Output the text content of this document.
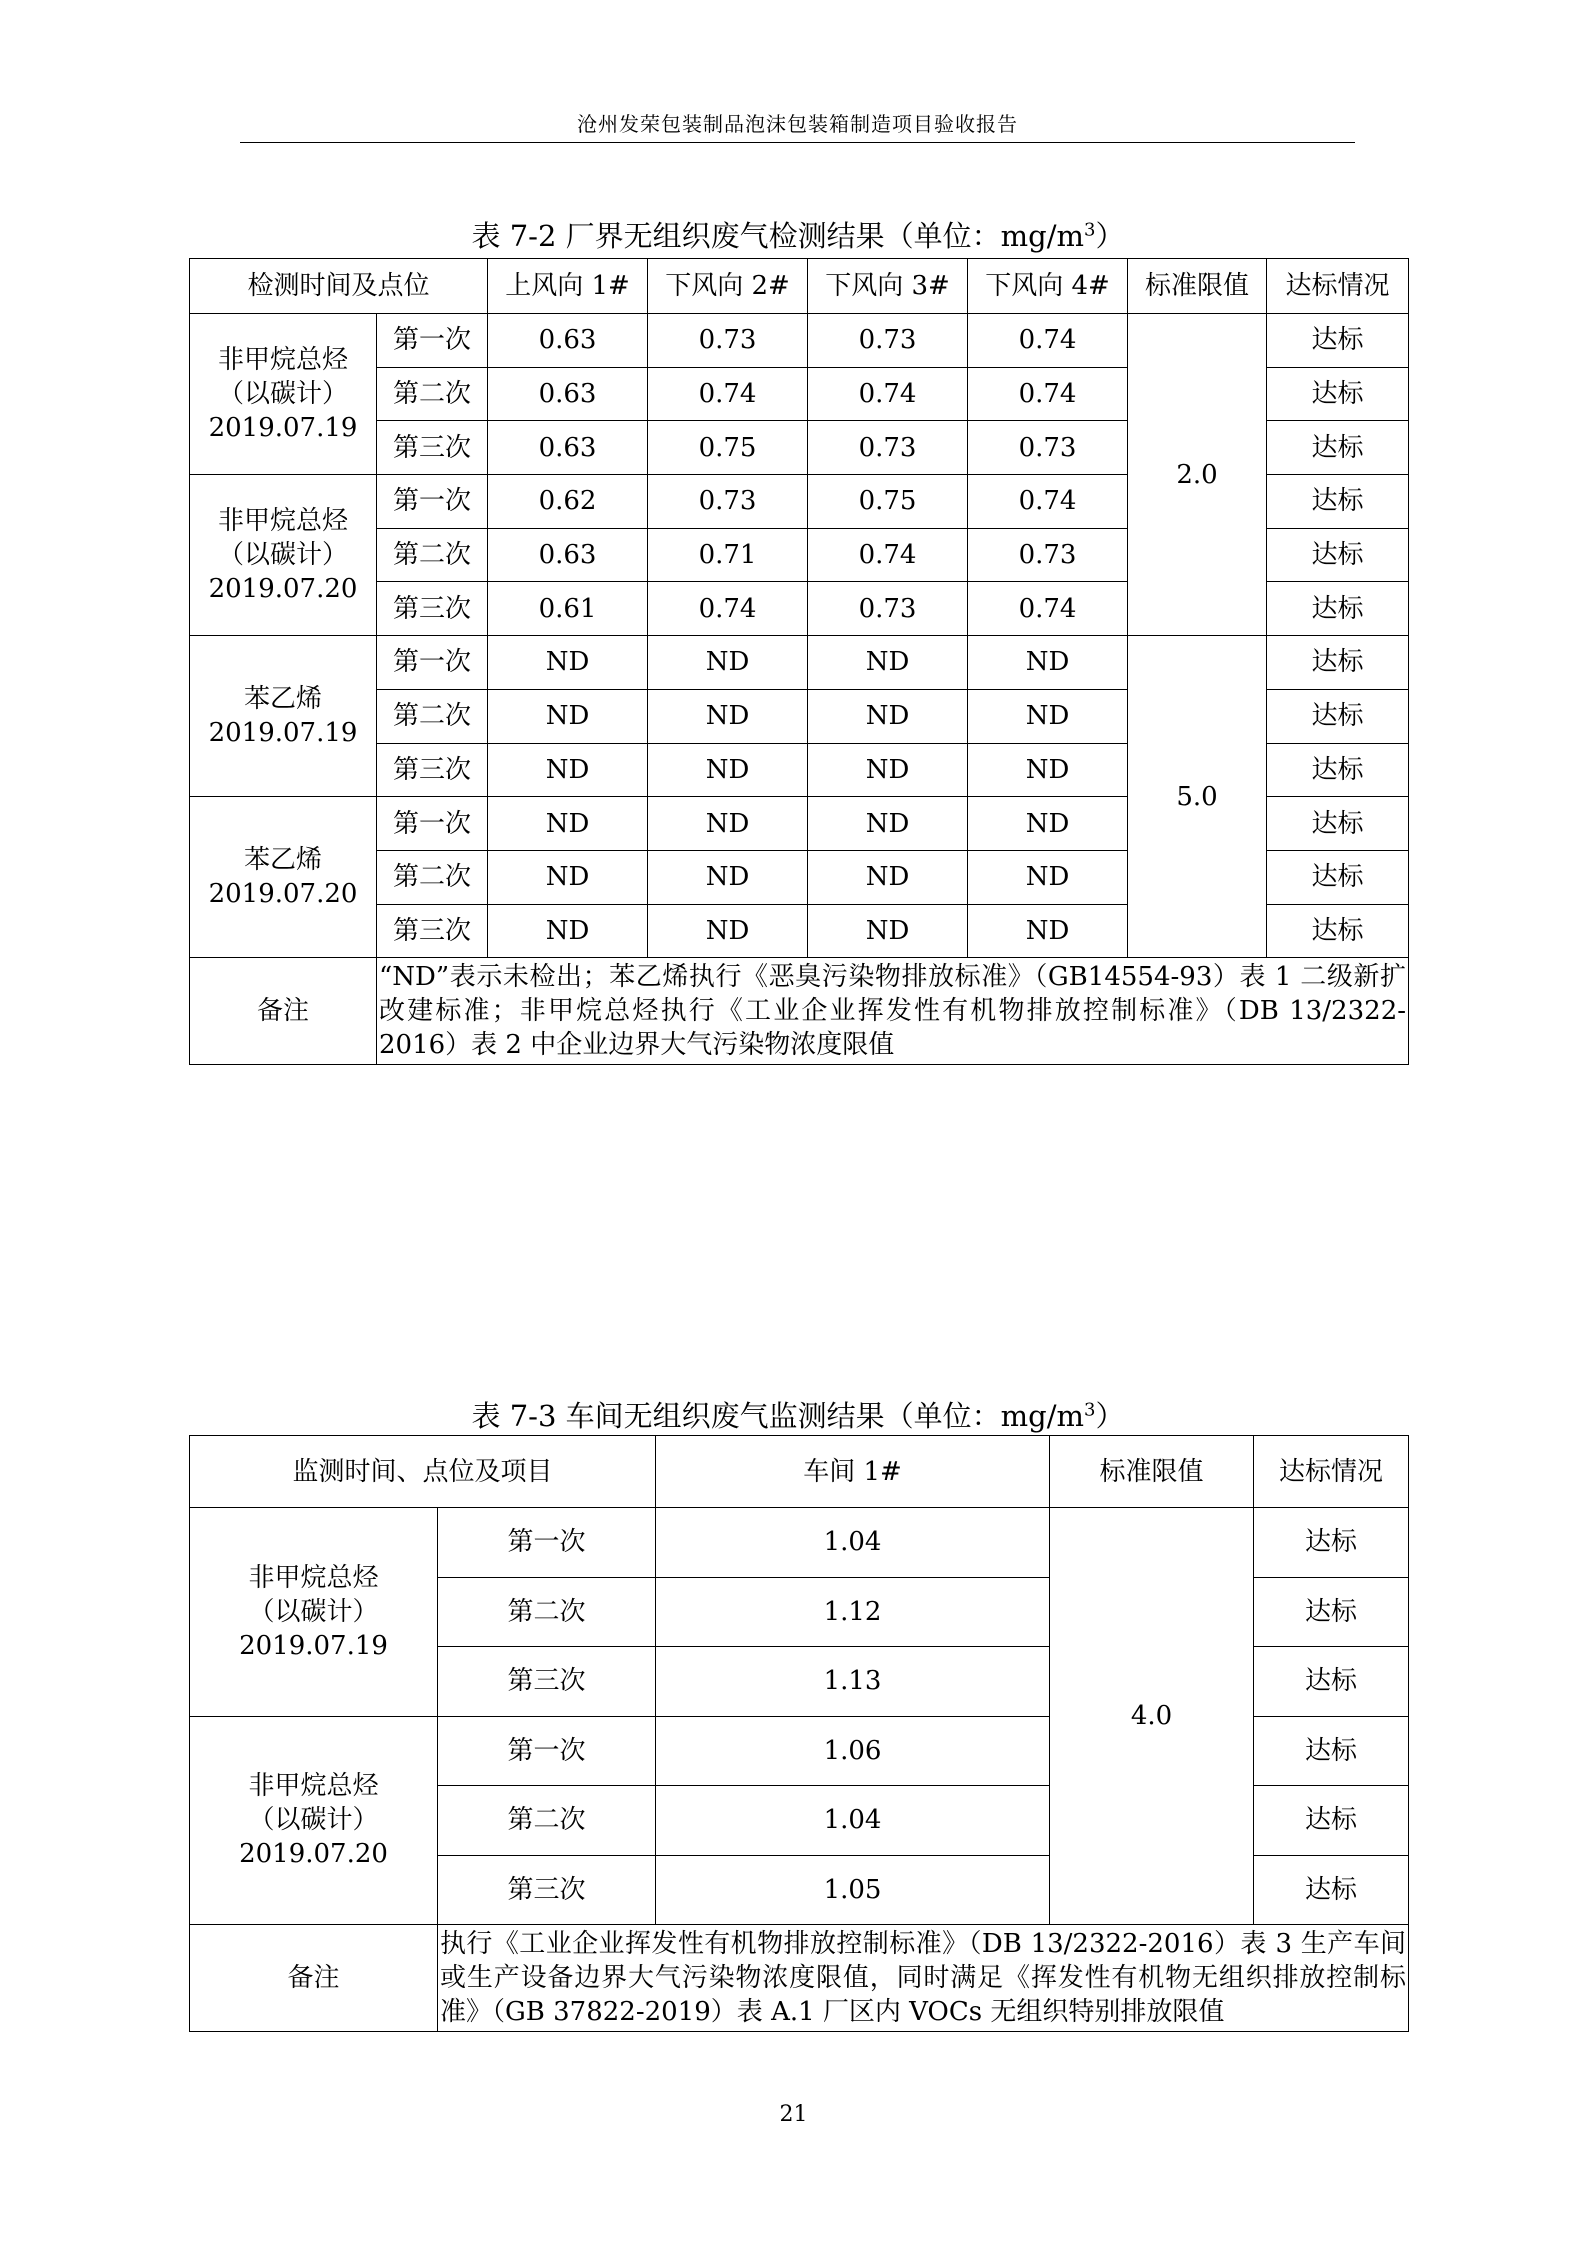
沧州发荣包装制品泡沫包装箱制造项目验收报告
表 7-2 厂界无组织废气检测结果（单位：$mg/m^3$）
检测时间及点位		上风向 1#	下风向 2#	下风向 3#	下风向 4#	标准限值	达标情况

非甲烷总烃
（以碳计）
2019.07.19	第一次	0.63	0.73	0.73	0.74	2.0	达标
	第二次	0.63	0.74	0.74	0.74		达标
	第三次	0.63	0.75	0.73	0.73		达标

非甲烷总烃
（以碳计）
2019.07.20	第一次	0.62	0.73	0.75	0.74		达标
	第二次	0.63	0.71	0.74	0.73		达标
	第三次	0.61	0.74	0.73	0.74		达标

苯乙烯
2019.07.19	第一次	ND	ND	ND	ND	5.0	达标
	第二次	ND	ND	ND	ND		达标
	第三次	ND	ND	ND	ND		达标

苯乙烯
2019.07.20	第一次	ND	ND	ND	ND		达标
	第二次	ND	ND	ND	ND		达标
	第三次	ND	ND	ND	ND		达标
备注	“ND”表示未检出；苯乙烯执行《恶臭污染物排放标准》（GB14554-93）表 1 二级新扩改建标准；非甲烷总烃执行《工业企业挥发性有机物排放控制标准》（DB 13/2322-2016）表 2 中企业边界大气污染物浓度限值						
表 7-3 车间无组织废气监测结果（单位：$mg/m^3$）
监测时间、点位及项目		车间 1#	标准限值	达标情况

非甲烷总烃
（以碳计）
2019.07.19	第一次	1.04	4.0	达标
	第二次	1.12		达标
	第三次	1.13		达标

非甲烷总烃
（以碳计）
2019.07.20	第一次	1.06		达标
	第二次	1.04		达标
	第三次	1.05		达标
备注	执行《工业企业挥发性有机物排放控制标准》（DB 13/2322-2016）表 3 生产车间或生产设备边界大气污染物浓度限值，同时满足《挥发性有机物无组织排放控制标准》（GB 37822-2019）表 A.1 厂区内 VOCs 无组织特别排放限值			
21
